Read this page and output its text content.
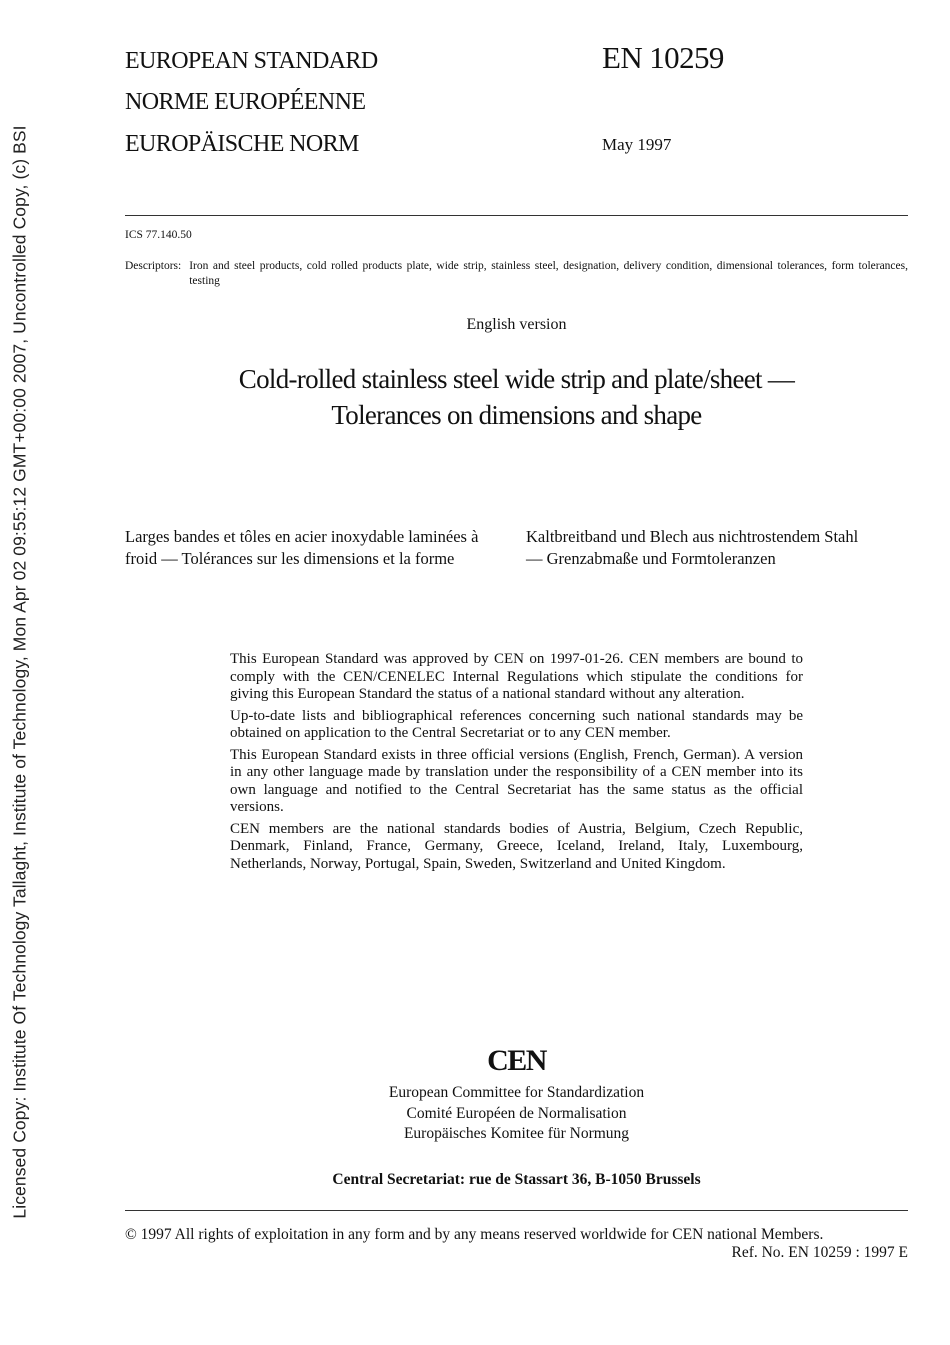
Licensed Copy: Institute Of Technology Tallaght, Institute of Technology, Mon Apr 02 09:55:12 GMT+00:00 2007, Uncontrolled Copy, (c) BSI
EUROPEAN STANDARD
NORME EUROPÉENNE
EUROPÄISCHE NORM
EN 10259
May 1997
ICS 77.140.50
Descriptors: Iron and steel products, cold rolled products plate, wide strip, stainless steel, designation, delivery condition, dimensional tolerances, form tolerances, testing
English version
Cold-rolled stainless steel wide strip and plate/sheet —
Tolerances on dimensions and shape
Larges bandes et tôles en acier inoxydable laminées à froid — Tolérances sur les dimensions et la forme
Kaltbreitband und Blech aus nichtrostendem Stahl — Grenzabmaße und Formtoleranzen

This European Standard was approved by CEN on 1997-01-26. CEN members are bound to comply with the CEN/CENELEC Internal Regulations which stipulate the conditions for giving this European Standard the status of a national standard without any alteration.

Up-to-date lists and bibliographical references concerning such national standards may be obtained on application to the Central Secretariat or to any CEN member.

This European Standard exists in three official versions (English, French, German). A version in any other language made by translation under the responsibility of a CEN member into its own language and notified to the Central Secretariat has the same status as the official versions.

CEN members are the national standards bodies of Austria, Belgium, Czech Republic, Denmark, Finland, France, Germany, Greece, Iceland, Ireland, Italy, Luxembourg, Netherlands, Norway, Portugal, Spain, Sweden, Switzerland and United Kingdom.

CEN
European Committee for Standardization
Comité Européen de Normalisation
Europäisches Komitee für Normung
Central Secretariat: rue de Stassart 36, B-1050 Brussels
© 1997 All rights of exploitation in any form and by any means reserved worldwide for CEN national Members.
Ref. No. EN 10259 : 1997 E
